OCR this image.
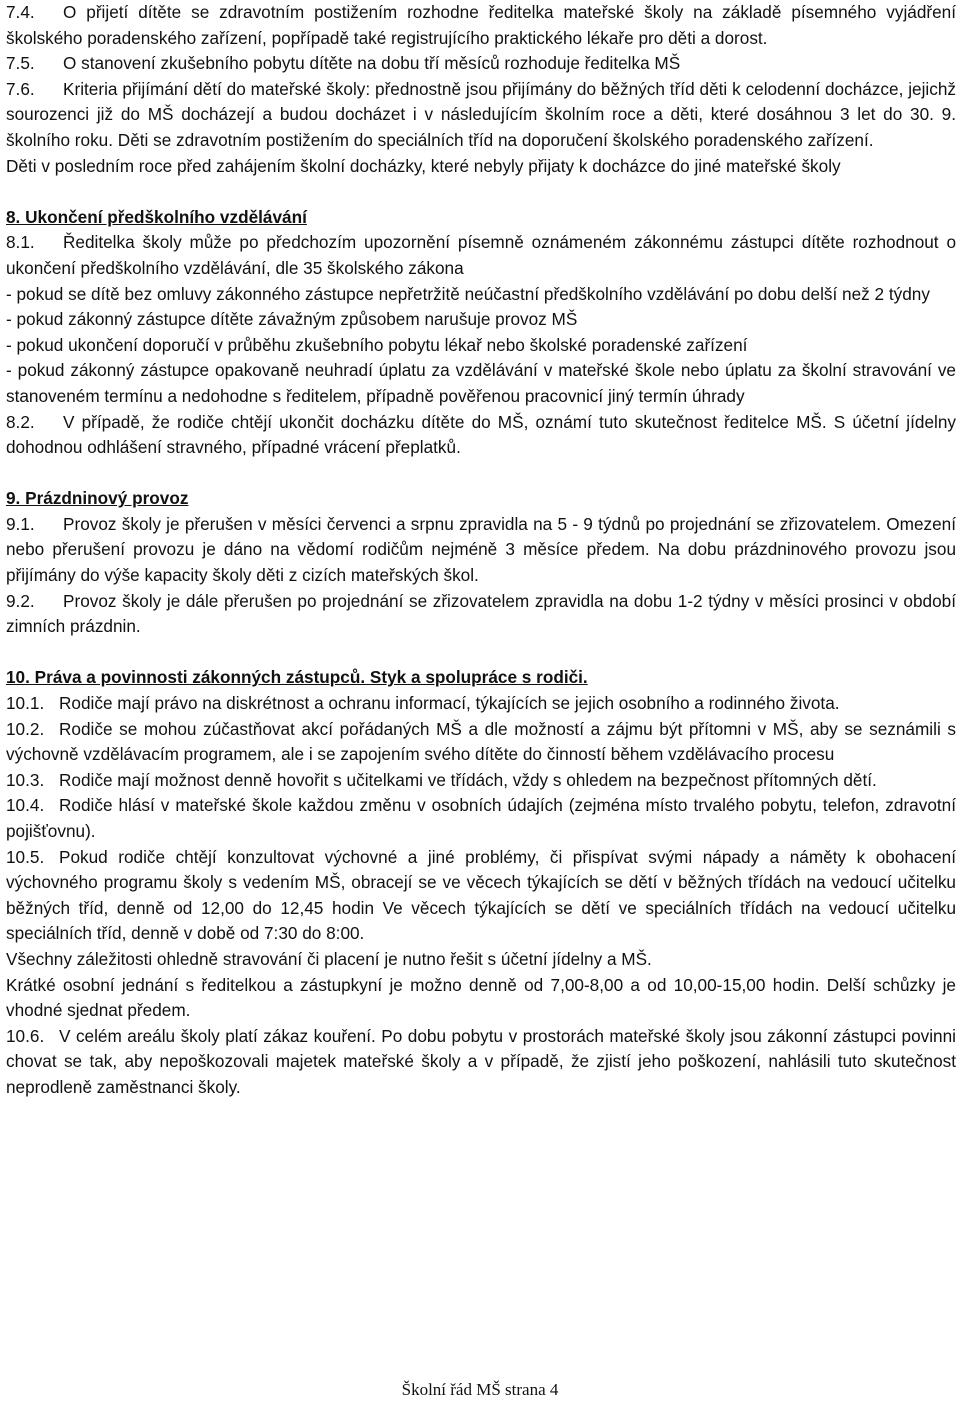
7.4. O přijetí dítěte se zdravotním postižením rozhodne ředitelka mateřské školy na základě písemného vyjádření školského poradenského zařízení, popřípadě také registrujícího praktického lékaře pro děti a dorost.

7.5. O stanovení zkušebního pobytu dítěte na dobu tří měsíců rozhoduje ředitelka MŠ

7.6. Kriteria přijímání dětí do mateřské školy: přednostně jsou přijímány do běžných tříd děti k celodenní docházce, jejichž sourozenci již do MŠ docházejí a budou docházet i v následujícím školním roce a děti, které dosáhnou 3 let do 30. 9. školního roku. Děti se zdravotním postižením do speciálních tříd na doporučení školského poradenského zařízení.

Děti v posledním roce před zahájením školní docházky, které nebyly přijaty k docházce do jiné mateřské školy

8. Ukončení předškolního vzdělávání

8.1. Ředitelka školy může po předchozím upozornění písemně oznámeném zákonnému zástupci dítěte rozhodnout o ukončení předškolního vzdělávání, dle 35 školského zákona

- pokud se dítě bez omluvy zákonného zástupce nepřetržitě neúčastní předškolního vzdělávání po dobu delší než 2 týdny

- pokud zákonný zástupce dítěte závažným způsobem narušuje provoz MŠ

- pokud ukončení doporučí v průběhu zkušebního pobytu lékař nebo školské poradenské zařízení

- pokud zákonný zástupce opakovaně neuhradí úplatu za vzdělávání v mateřské škole nebo úplatu za školní stravování ve stanoveném termínu a nedohodne s ředitelem, případně pověřenou pracovnicí jiný termín úhrady

8.2. V případě, že rodiče chtějí ukončit docházku dítěte do MŠ, oznámí tuto skutečnost ředitelce MŠ. S účetní jídelny dohodnou odhlášení stravného, případné vrácení přeplatků.

9. Prázdninový provoz

9.1. Provoz školy je přerušen v měsíci červenci a srpnu zpravidla na 5 - 9 týdnů po projednání se zřizovatelem. Omezení nebo přerušení provozu je dáno na vědomí rodičům nejméně 3 měsíce předem. Na dobu prázdninového provozu jsou přijímány do výše kapacity školy děti z cizích mateřských škol.

9.2. Provoz školy je dále přerušen po projednání se zřizovatelem zpravidla na dobu 1-2 týdny v měsíci prosinci v období zimních prázdnin.

10. Práva a povinnosti zákonných zástupců. Styk a spolupráce s rodiči.

10.1. Rodiče mají právo na diskrétnost a ochranu informací, týkajících se jejich osobního a rodinného života.

10.2. Rodiče se mohou zúčastňovat akcí pořádaných MŠ a dle možností a zájmu být přítomni v MŠ, aby se seznámili s výchovně vzdělávacím programem, ale i se zapojením svého dítěte do činností během vzdělávacího procesu

10.3. Rodiče mají možnost denně hovořit s učitelkami ve třídách, vždy s ohledem na bezpečnost přítomných dětí.

10.4. Rodiče hlásí v mateřské škole každou změnu v osobních údajích (zejména místo trvalého pobytu, telefon, zdravotní pojišťovnu).

10.5. Pokud rodiče chtějí konzultovat výchovné a jiné problémy, či přispívat svými nápady a náměty k obohacení výchovného programu školy s vedením MŠ, obracejí se ve věcech týkajících se dětí v běžných třídách na vedoucí učitelku běžných tříd, denně od 12,00 do 12,45 hodin Ve věcech týkajících se dětí ve speciálních třídách na vedoucí učitelku speciálních tříd, denně v době od 7:30 do 8:00.

Všechny záležitosti ohledně stravování či placení je nutno řešit s účetní jídelny a MŠ.

Krátké osobní jednání s ředitelkou a zástupkyní je možno denně od 7,00-8,00 a od 10,00-15,00 hodin. Delší schůzky je vhodné sjednat předem.

10.6. V celém areálu školy platí zákaz kouření. Po dobu pobytu v prostorách mateřské školy jsou zákonní zástupci povinni chovat se tak, aby nepoškozovali majetek mateřské školy a v případě, že zjistí jeho poškození, nahlásili tuto skutečnost neprodleně zaměstnanci školy.

Školní řád MŠ strana 4
